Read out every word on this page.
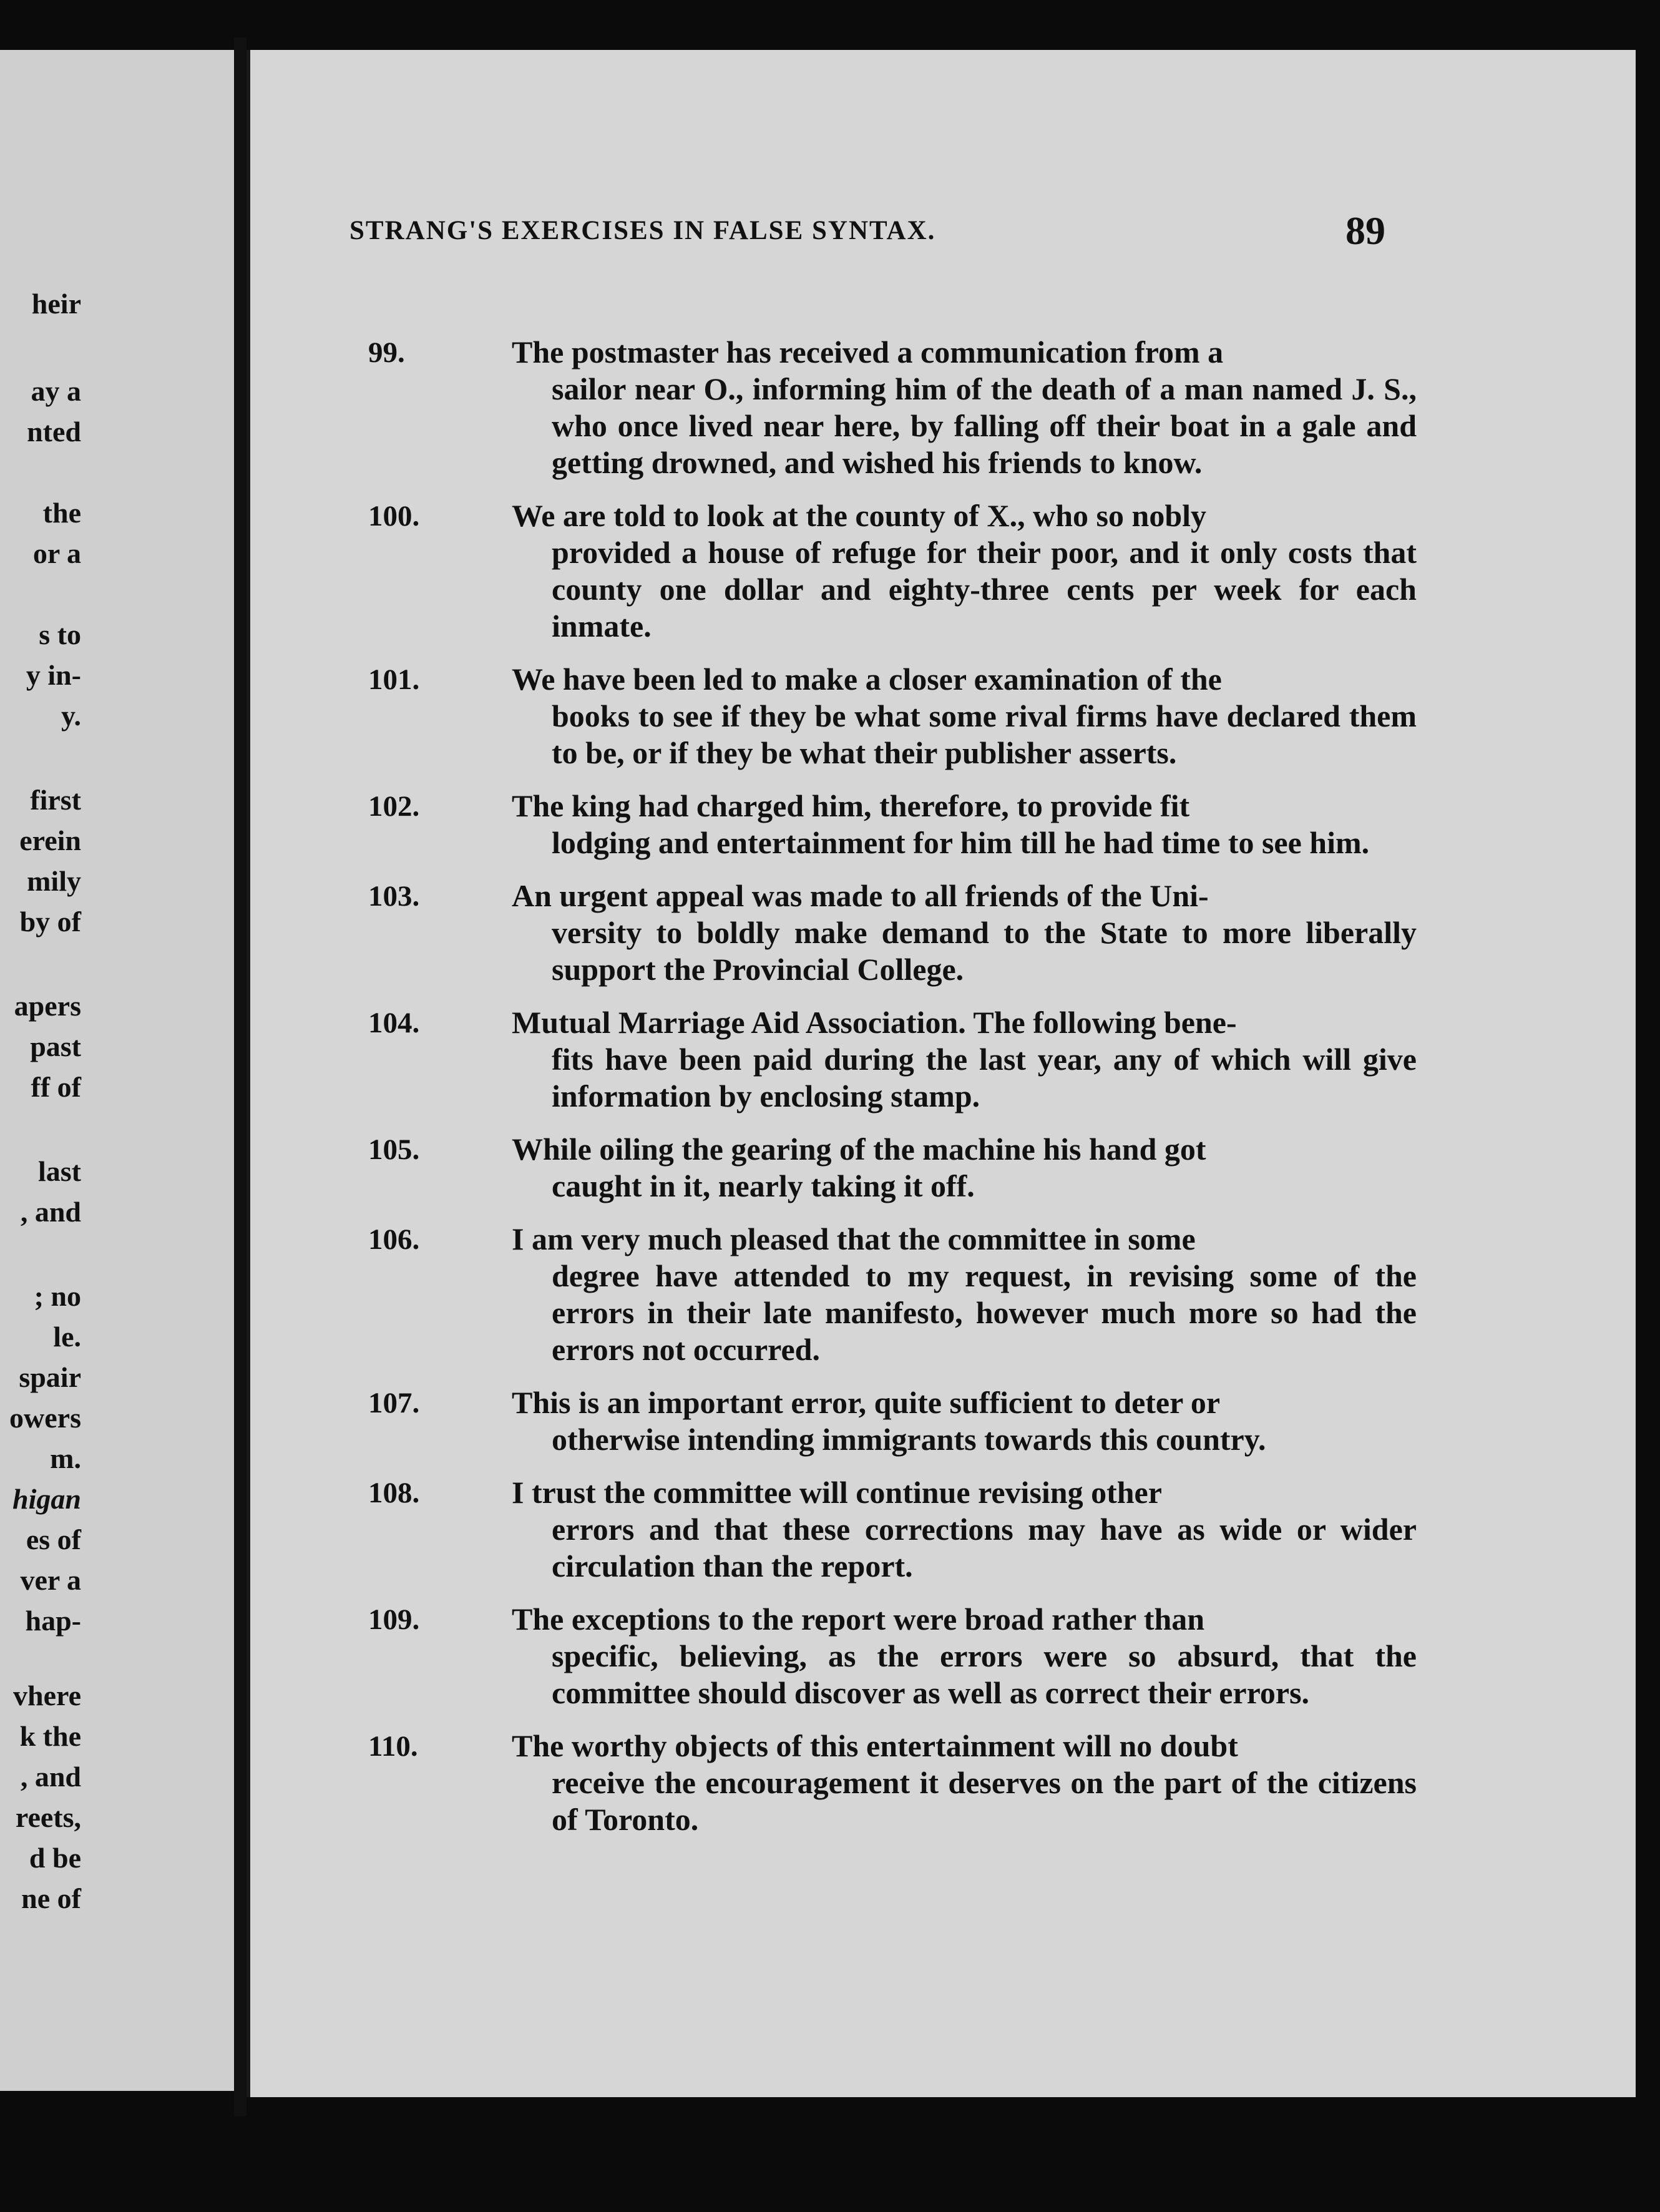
heir
ay a
nted
the
or a
s to
y in-
y.
first
erein
mily
by of
apers
past
ff of
last
, and
; no
le.
spair
owers
m.
higan
es of
ver a
hap-
vhere
k the
, and
reets,
d be
ne of
STRANG'S EXERCISES IN FALSE SYNTAX.	89
99.	The postmaster has received a communication from a
sailor near O., informing him of the death of a man named J. S., who once lived near here, by falling off their boat in a gale and getting drowned, and wished his friends to know.
100.	We are told to look at the county of X., who so nobly
provided a house of refuge for their poor, and it only costs that county one dollar and eighty-three cents per week for each inmate.
101.	We have been led to make a closer examination of the
books to see if they be what some rival firms have declared them to be, or if they be what their publisher asserts.
102.	The king had charged him, therefore, to provide fit
lodging and entertainment for him till he had time to see him.
103.	An urgent appeal was made to all friends of the Uni-
versity to boldly make demand to the State to more liberally support the Provincial College.
104.	Mutual Marriage Aid Association. The following bene-
fits have been paid during the last year, any of which will give information by enclosing stamp.
105.	While oiling the gearing of the machine his hand got
caught in it, nearly taking it off.
106.	I am very much pleased that the committee in some
degree have attended to my request, in revising some of the errors in their late manifesto, however much more so had the errors not occurred.
107.	This is an important error, quite sufficient to deter or
otherwise intending immigrants towards this country.
108.	I trust the committee will continue revising other
errors and that these corrections may have as wide or wider circulation than the report.
109.	The exceptions to the report were broad rather than
specific, believing, as the errors were so absurd, that the committee should discover as well as correct their errors.
110.	The worthy objects of this entertainment will no doubt
receive the encouragement it deserves on the part of the citizens of Toronto.
